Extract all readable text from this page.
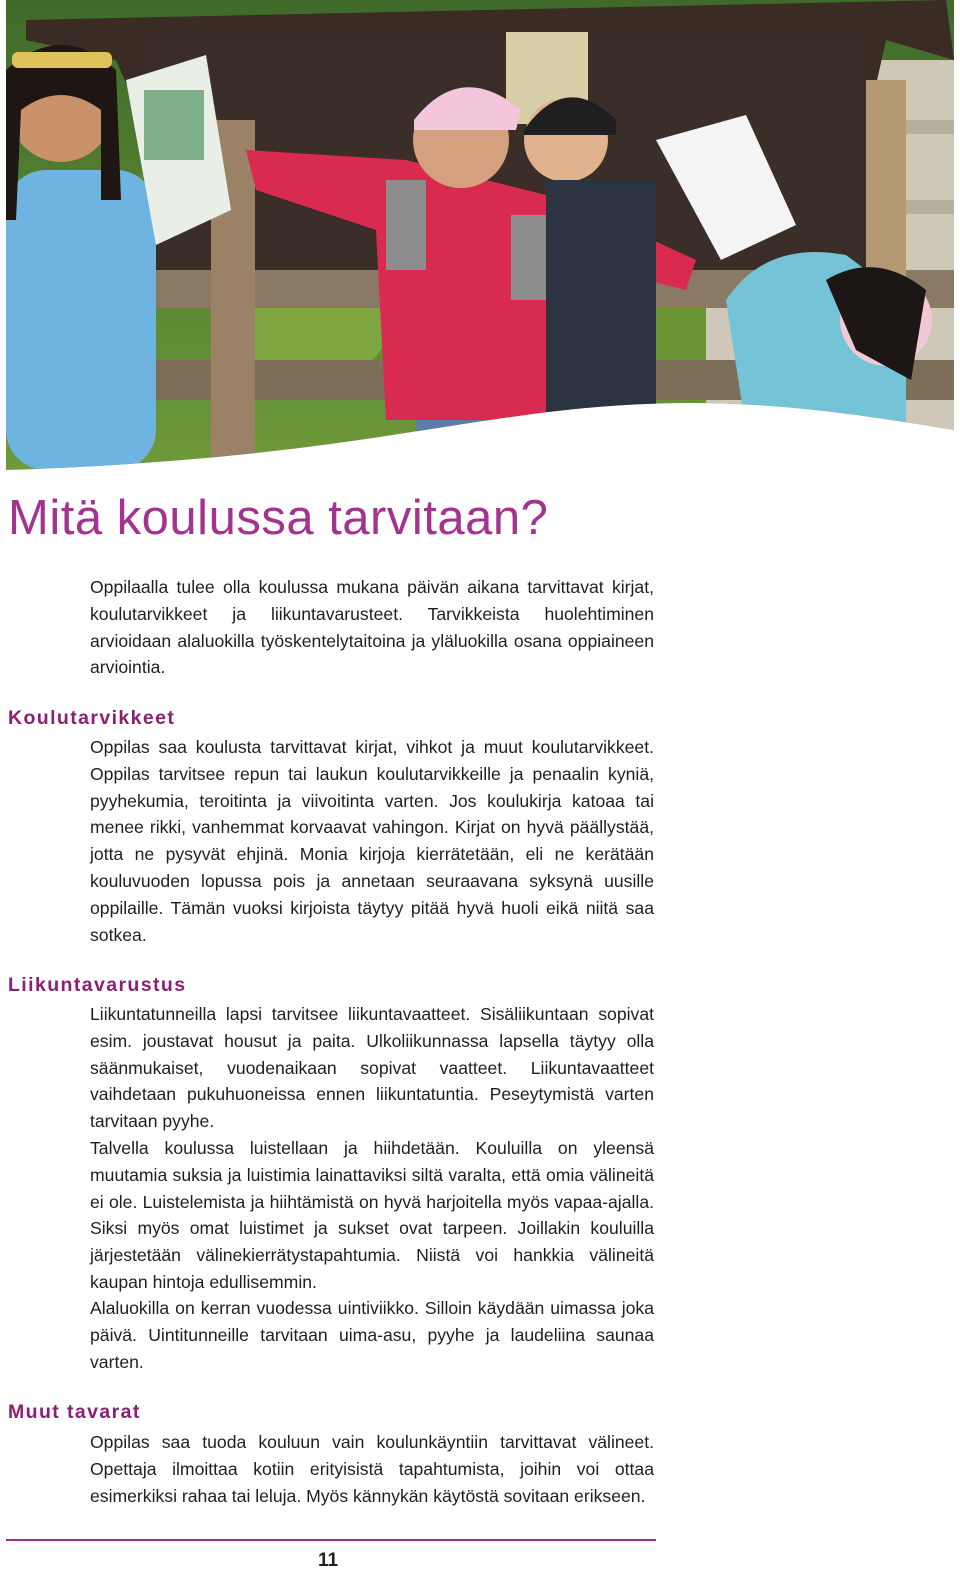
Mitä koulussa tarvitaan?

Oppilaalla tulee olla koulussa mukana päivän aikana tarvittavat kirjat, koulutarvikkeet ja liikuntavarusteet. Tarvikkeista huolehtiminen arvioidaan alaluokilla työskentelytaitoina ja yläluokilla osana oppiaineen arviointia.

Koulutarvikkeet

Oppilas saa koulusta tarvittavat kirjat, vihkot ja muut koulutarvikkeet. Oppilas tarvitsee repun tai laukun koulutarvikkeille ja penaalin kyniä, pyyhekumia, teroitinta ja viivoitinta varten. Jos koulukirja katoaa tai menee rikki, vanhemmat korvaavat vahingon. Kirjat on hyvä päällystää, jotta ne pysyvät ehjinä. Monia kirjoja kierrätetään, eli ne kerätään kouluvuoden lopussa pois ja annetaan seuraavana syksynä uusille oppilaille. Tämän vuoksi kirjoista täytyy pitää hyvä huoli eikä niitä saa sotkea.

Liikuntavarustus

Liikuntatunneilla lapsi tarvitsee liikuntavaatteet. Sisäliikuntaan sopivat esim. joustavat housut ja paita. Ulkoliikunnassa lapsella täytyy olla säänmukaiset, vuodenaikaan sopivat vaatteet. Liikuntavaatteet vaihdetaan pukuhuoneissa ennen liikuntatuntia. Peseytymistä varten tarvitaan pyyhe.

Talvella koulussa luistellaan ja hiihdetään. Kouluilla on yleensä muutamia suksia ja luistimia lainattaviksi siltä varalta, että omia välineitä ei ole. Luistelemista ja hiihtämistä on hyvä harjoitella myös vapaa-ajalla. Siksi myös omat luistimet ja sukset ovat tarpeen. Joillakin kouluilla järjestetään välinekierrätystapahtumia. Niistä voi hankkia välineitä kaupan hintoja edullisemmin.

Alaluokilla on kerran vuodessa uintiviikko. Silloin käydään uimassa joka päivä. Uintitunneille tarvitaan uima-asu, pyyhe ja laudeliina saunaa varten.

Muut tavarat

Oppilas saa tuoda kouluun vain koulunkäyntiin tarvittavat välineet. Opettaja ilmoittaa kotiin erityisistä tapahtumista, joihin voi ottaa esimerkiksi rahaa tai leluja. Myös kännykän käytöstä sovitaan erikseen.

11
